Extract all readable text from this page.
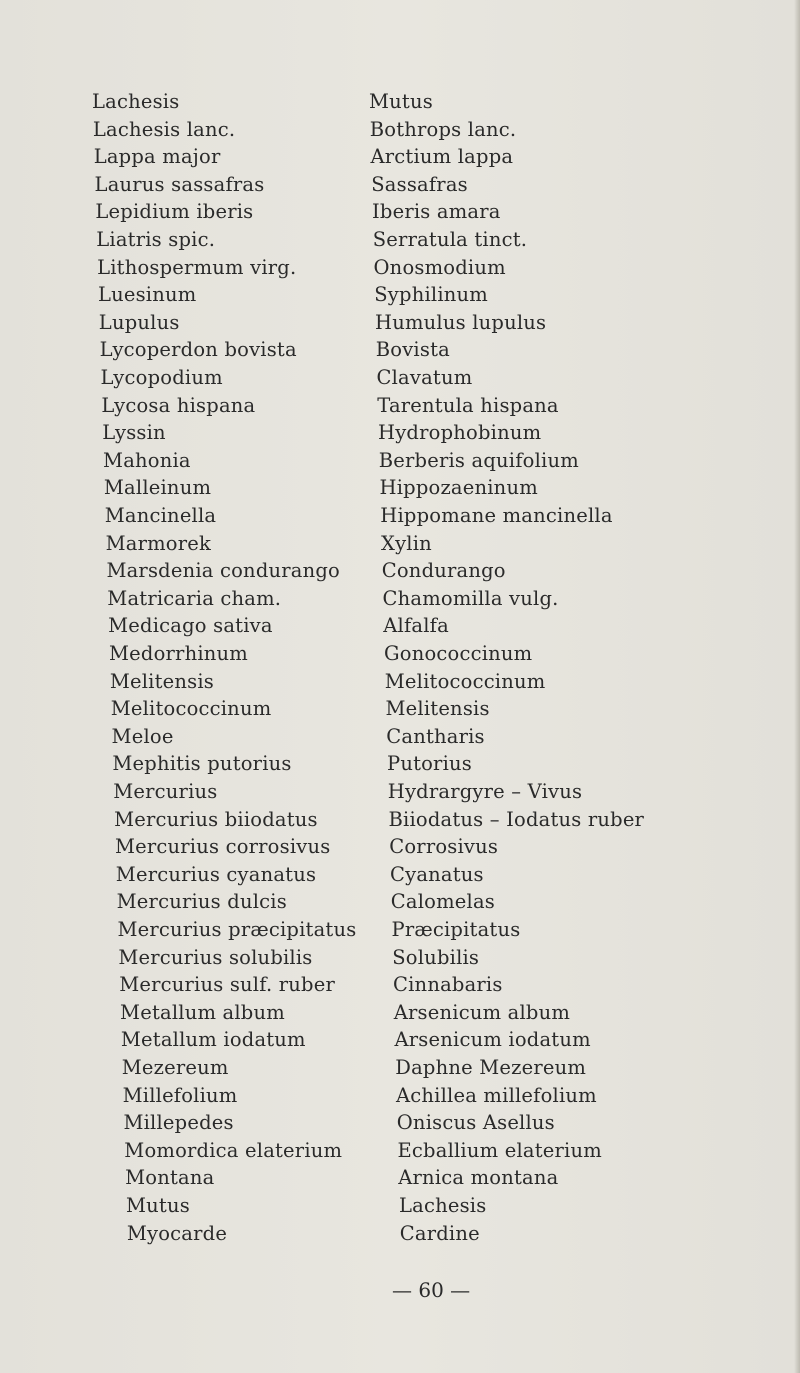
Lachesis
Lachesis lanc.
Lappa major
Laurus sassafras
Lepidium iberis
Liatris spic.
Lithospermum virg.
Luesinum
Lupulus
Lycoperdon bovista
Lycopodium
Lycosa hispana
Lyssin
Mahonia
Malleinum
Mancinella
Marmorek
Marsdenia condurango
Matricaria cham.
Medicago sativa
Medorrhinum
Melitensis
Melitococcinum
Meloe
Mephitis putorius
Mercurius
Mercurius biiodatus
Mercurius corrosivus
Mercurius cyanatus
Mercurius dulcis
Mercurius præcipitatus
Mercurius solubilis
Mercurius sulf. ruber
Metallum album
Metallum iodatum
Mezereum
Millefolium
Millepedes
Momordica elaterium
Montana
Mutus
Myocarde
Mutus
Bothrops lanc.
Arctium lappa
Sassafras
Iberis amara
Serratula tinct.
Onosmodium
Syphilinum
Humulus lupulus
Bovista
Clavatum
Tarentula hispana
Hydrophobinum
Berberis aquifolium
Hippozaeninum
Hippomane mancinella
Xylin
Condurango
Chamomilla vulg.
Alfalfa
Gonococcinum
Melitococcinum
Melitensis
Cantharis
Putorius
Hydrargyre – Vivus
Biiodatus – Iodatus ruber
Corrosivus
Cyanatus
Calomelas
Præcipitatus
Solubilis
Cinnabaris
Arsenicum album
Arsenicum iodatum
Daphne Mezereum
Achillea millefolium
Oniscus Asellus
Ecballium elaterium
Arnica montana
Lachesis
Cardine
— 60 —
